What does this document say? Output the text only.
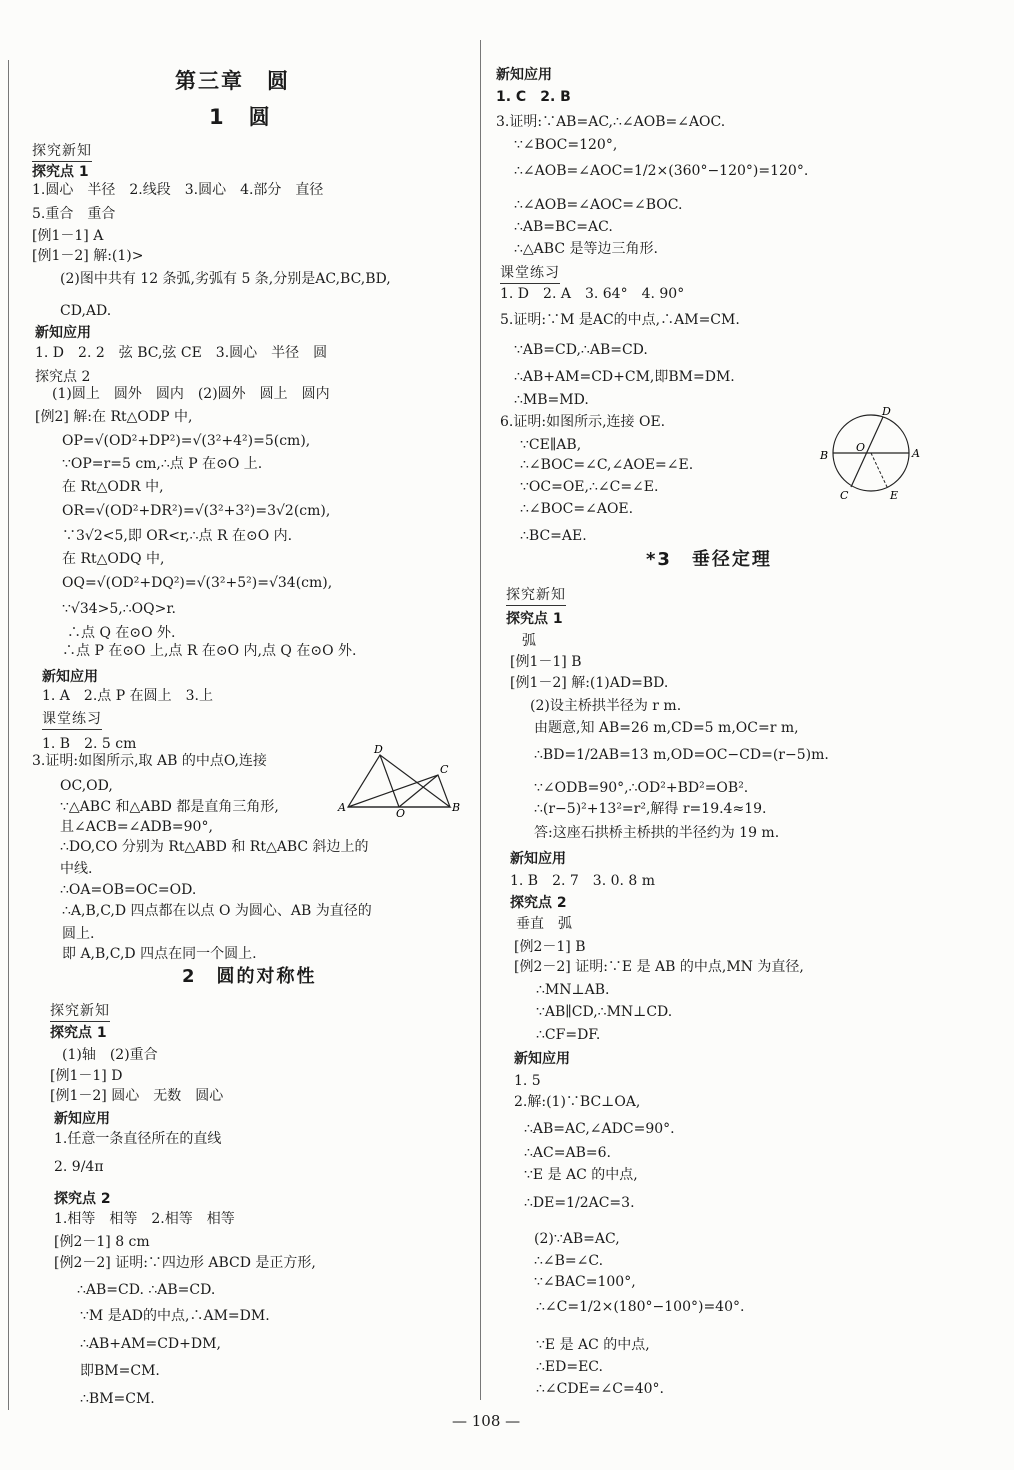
第三章　圆
1　圆
探究新知
探究点 1
1.圆心　半径　2.线段　3.圆心　4.部分　直径
5.重合　重合
[例1－1] A
[例1－2] 解:(1)>
(2)图中共有 12 条弧,劣弧有 5 条,分别是AC,BC,BD,
CD,AD.
新知应用
1. D　2. 2　弦 BC,弦 CE　3.圆心　半径　圆
探究点 2
(1)圆上　圆外　圆内　(2)圆外　圆上　圆内
[例2] 解:在 Rt△ODP 中,
OP=√(OD²+DP²)=√(3²+4²)=5(cm),
∵OP=r=5 cm,∴点 P 在⊙O 上.
在 Rt△ODR 中,
OR=√(OD²+DR²)=√(3²+3²)=3√2(cm),
∵3√2<5,即 OR<r,∴点 R 在⊙O 内.
在 Rt△ODQ 中,
OQ=√(OD²+DQ²)=√(3²+5²)=√34(cm),
∵√34>5,∴OQ>r.
∴点 Q 在⊙O 外.
∴点 P 在⊙O 上,点 R 在⊙O 内,点 Q 在⊙O 外.
新知应用
1. A　2.点 P 在圆上　3.上
课堂练习
1. B　2. 5 cm
3.证明:如图所示,取 AB 的中点O,连接
OC,OD,
∵△ABC 和△ABD 都是直角三角形,
且∠ACB=∠ADB=90°,
∴DO,CO 分别为 Rt△ABD 和 Rt△ABC 斜边上的
中线.
∴OA=OB=OC=OD.
∴A,B,C,D 四点都在以点 O 为圆心、AB 为直径的
圆上.
即 A,B,C,D 四点在同一个圆上.
D
C
A	O	B
2　圆的对称性
探究新知
探究点 1
(1)轴　(2)重合
[例1－1] D
[例1－2] 圆心　无数　圆心
新知应用
1.任意一条直径所在的直线
2. 9/4π
探究点 2
1.相等　相等　2.相等　相等
[例2－1] 8 cm
[例2－2] 证明:∵四边形 ABCD 是正方形,
∴AB=CD. ∴AB=CD.
∵M 是AD的中点,∴AM=DM.
∴AB+AM=CD+DM,
即BM=CM.
∴BM=CM.
新知应用
1. C　2. B
3.证明:∵AB=AC,∴∠AOB=∠AOC.
∵∠BOC=120°,
∴∠AOB=∠AOC=1/2×(360°−120°)=120°.
∴∠AOB=∠AOC=∠BOC.
∴AB=BC=AC.
∴△ABC 是等边三角形.
课堂练习
1. D　2. A　3. 64°　4. 90°
5.证明:∵M 是AC的中点,∴AM=CM.
∵AB=CD,∴AB=CD.
∴AB+AM=CD+CM,即BM=DM.
∴MB=MD.
6.证明:如图所示,连接 OE.
∵CE∥AB,
∴∠BOC=∠C,∠AOE=∠E.
∵OC=OE,∴∠C=∠E.
∴∠BOC=∠AOE.
∴BC=AE.
D
B
O	A
C	E
*3　垂径定理
探究新知
探究点 1
弧
[例1－1] B
[例1－2] 解:(1)AD=BD.
(2)设主桥拱半径为 r m.
由题意,知 AB=26 m,CD=5 m,OC=r m,
∴BD=1/2AB=13 m,OD=OC−CD=(r−5)m.
∵∠ODB=90°,∴OD²+BD²=OB².
∴(r−5)²+13²=r²,解得 r=19.4≈19.
答:这座石拱桥主桥拱的半径约为 19 m.
新知应用
1. B　2. 7　3. 0. 8 m
探究点 2
垂直　弧
[例2－1] B
[例2－2] 证明:∵E 是 AB 的中点,MN 为直径,
∴MN⊥AB.
∵AB∥CD,∴MN⊥CD.
∴CF=DF.
新知应用
1. 5
2.解:(1)∵BC⊥OA,
∴AB=AC,∠ADC=90°.
∴AC=AB=6.
∵E 是 AC 的中点,
∴DE=1/2AC=3.
(2)∵AB=AC,
∴∠B=∠C.
∵∠BAC=100°,
∴∠C=1/2×(180°−100°)=40°.
∵E 是 AC 的中点,
∴ED=EC.
∴∠CDE=∠C=40°.
— 108 —
